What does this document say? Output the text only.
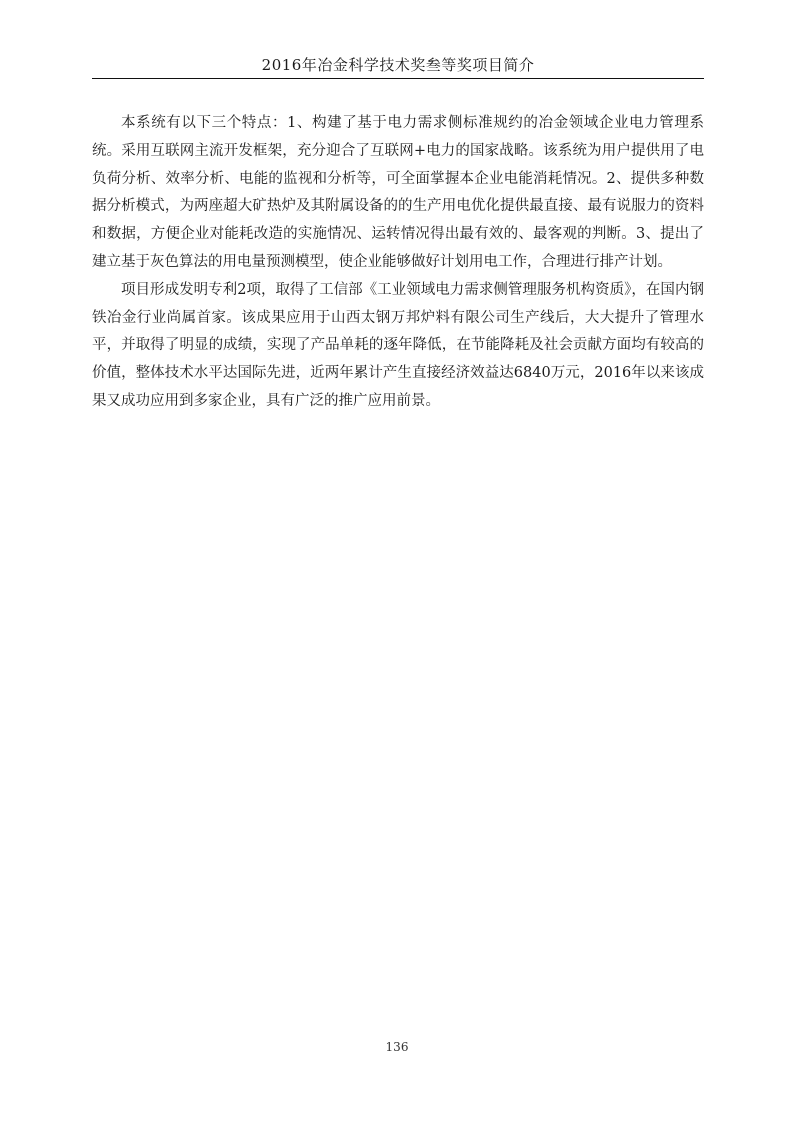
2016年冶金科学技术奖叁等奖项目简介

本系统有以下三个特点：1、构建了基于电力需求侧标准规约的冶金领域企业电力管理系统。采用互联网主流开发框架，充分迎合了互联网+电力的国家战略。该系统为用户提供用了电负荷分析、效率分析、电能的监视和分析等，可全面掌握本企业电能消耗情况。2、提供多种数据分析模式，为两座超大矿热炉及其附属设备的的生产用电优化提供最直接、最有说服力的资料和数据，方便企业对能耗改造的实施情况、运转情况得出最有效的、最客观的判断。3、提出了建立基于灰色算法的用电量预测模型，使企业能够做好计划用电工作，合理进行排产计划。

项目形成发明专利2项，取得了工信部《工业领域电力需求侧管理服务机构资质》，在国内钢铁冶金行业尚属首家。该成果应用于山西太钢万邦炉料有限公司生产线后，大大提升了管理水平，并取得了明显的成绩，实现了产品单耗的逐年降低，在节能降耗及社会贡献方面均有较高的价值，整体技术水平达国际先进，近两年累计产生直接经济效益达6840万元，2016年以来该成果又成功应用到多家企业，具有广泛的推广应用前景。

136
